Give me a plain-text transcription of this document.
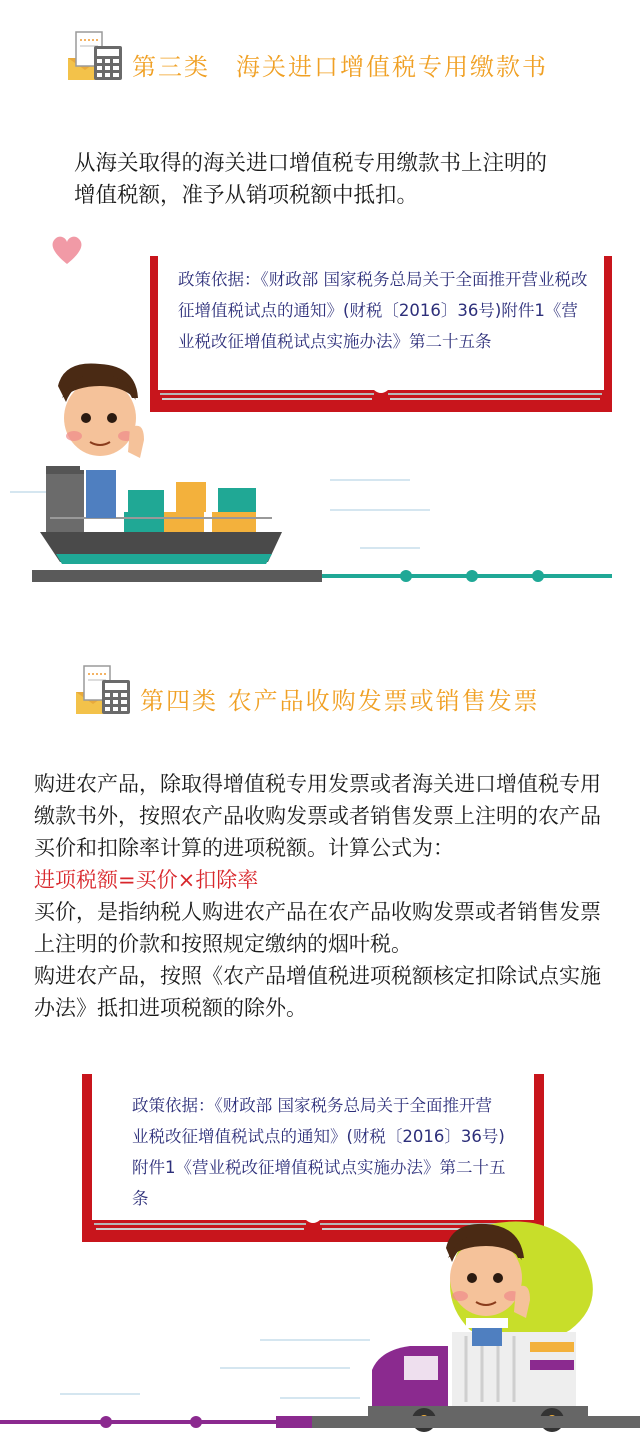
第三类　海关进口增值税专用缴款书
从海关取得的海关进口增值税专用缴款书上注明的增值税额，准予从销项税额中抵扣。
政策依据：《财政部 国家税务总局关于全面推开营业税改征增值税试点的通知》(财税〔2016〕36号)附件1《营业税改征增值税试点实施办法》第二十五条
第四类 农产品收购发票或销售发票

购进农产品，除取得增值税专用发票或者海关进口增值税专用缴款书外，按照农产品收购发票或者销售发票上注明的农产品买价和扣除率计算的进项税额。计算公式为：

进项税额=买价×扣除率

买价，是指纳税人购进农产品在农产品收购发票或者销售发票上注明的价款和按照规定缴纳的烟叶税。

购进农产品，按照《农产品增值税进项税额核定扣除试点实施办法》抵扣进项税额的除外。

政策依据：《财政部 国家税务总局关于全面推开营业税改征增值税试点的通知》(财税〔2016〕36号)附件1《营业税改征增值税试点实施办法》第二十五条
